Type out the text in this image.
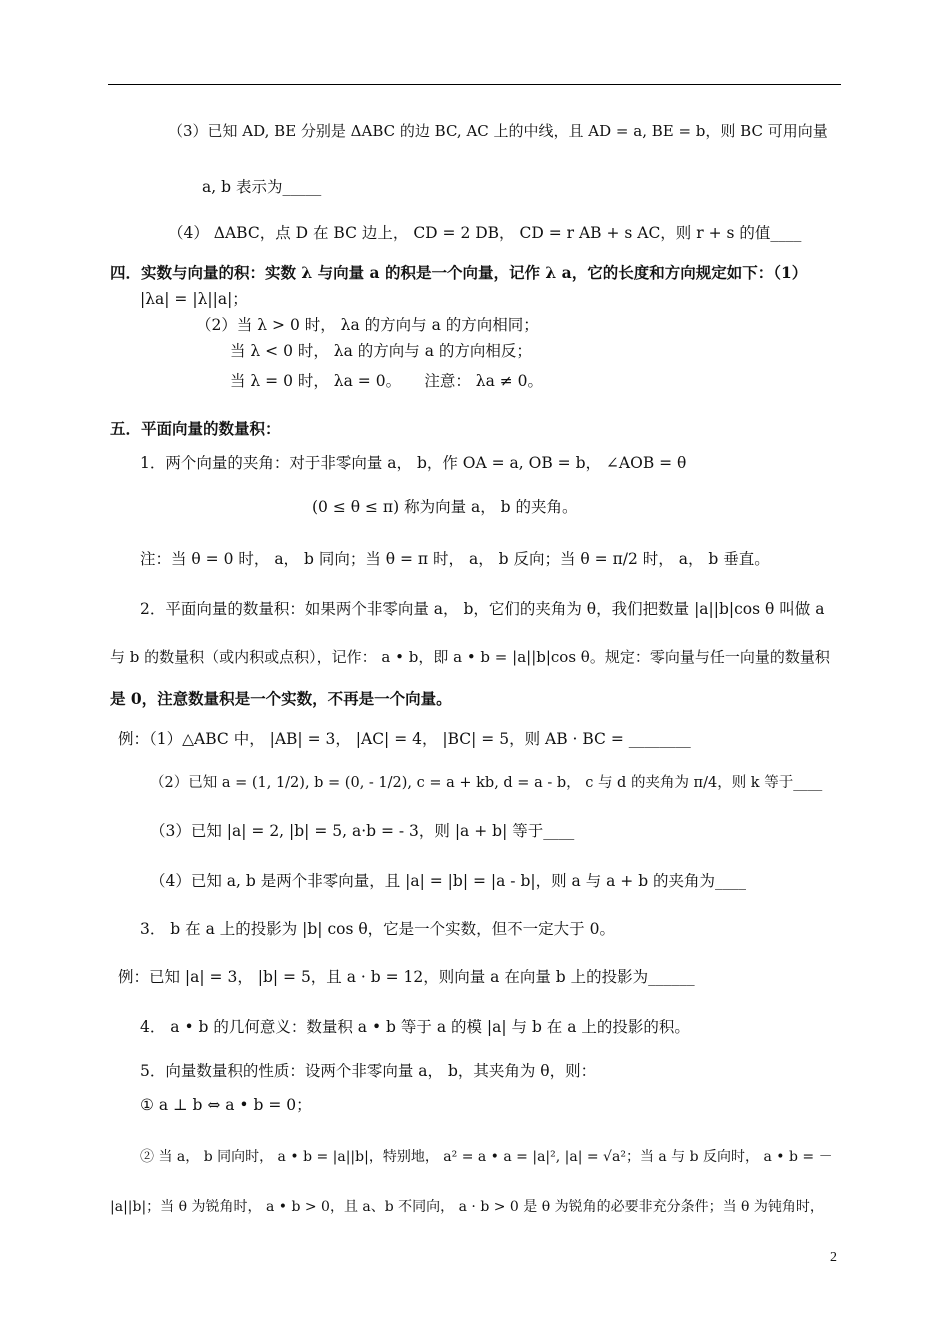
（3）已知 AD, BE 分别是 ΔABC 的边 BC, AC 上的中线，且 AD = a, BE = b，则 BC 可用向量
a, b 表示为_____
（4） ΔABC，点 D 在 BC 边上， CD = 2 DB， CD = r AB + s AC，则 r + s 的值____
四．实数与向量的积：实数 λ 与向量 a 的积是一个向量，记作 λ a，它的长度和方向规定如下：（1）
|λa| = |λ||a|；
（2）当 λ > 0 时， λa 的方向与 a 的方向相同；
当 λ < 0 时， λa 的方向与 a 的方向相反；
当 λ = 0 时， λa = 0。　　注意： λa ≠ 0。
五．平面向量的数量积：
1．两个向量的夹角：对于非零向量 a， b，作 OA = a, OB = b， ∠AOB = θ
(0 ≤ θ ≤ π) 称为向量 a， b 的夹角。
注：当 θ = 0 时， a， b 同向；当 θ = π 时， a， b 反向；当 θ = π/2 时， a， b 垂直。
2．平面向量的数量积：如果两个非零向量 a， b，它们的夹角为 θ，我们把数量 |a||b|cos θ 叫做 a
与 b 的数量积（或内积或点积），记作： a • b，即 a • b = |a||b|cos θ。规定：零向量与任一向量的数量积
是 0，注意数量积是一个实数，不再是一个向量。
例：（1）△ABC 中， |AB| = 3， |AC| = 4， |BC| = 5，则 AB · BC = ________
（2）已知 a = (1, 1/2), b = (0, - 1/2), c = a + kb, d = a - b， c 与 d 的夹角为 π/4，则 k 等于____
（3）已知 |a| = 2, |b| = 5, a·b = - 3，则 |a + b| 等于____
（4）已知 a, b 是两个非零向量，且 |a| = |b| = |a - b|，则 a 与 a + b 的夹角为____
3． b 在 a 上的投影为 |b| cos θ，它是一个实数，但不一定大于 0。
例：已知 |a| = 3， |b| = 5，且 a · b = 12，则向量 a 在向量 b 上的投影为______
4． a • b 的几何意义：数量积 a • b 等于 a 的模 |a| 与 b 在 a 上的投影的积。
5．向量数量积的性质：设两个非零向量 a， b，其夹角为 θ，则：
① a ⊥ b ⇔ a • b = 0；
② 当 a， b 同向时， a • b = |a||b|，特别地， a² = a • a = |a|², |a| = √a²；当 a 与 b 反向时， a • b = －
|a||b|；当 θ 为锐角时， a • b > 0，且 a、b 不同向， a · b > 0 是 θ 为锐角的必要非充分条件；当 θ 为钝角时，
2
